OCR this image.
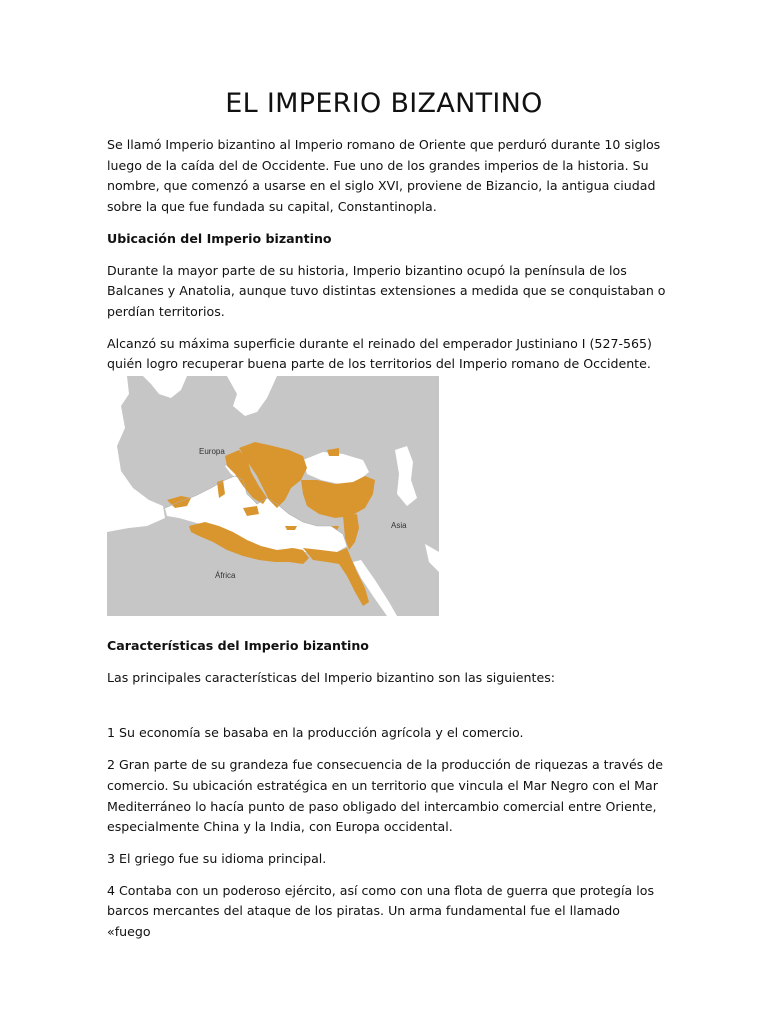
EL IMPERIO BIZANTINO

Se llamó Imperio bizantino al Imperio romano de Oriente que perduró durante 10 siglos luego de la caída del de Occidente. Fue uno de los grandes imperios de la historia. Su nombre, que comenzó a usarse en el siglo XVI, proviene de Bizancio, la antigua ciudad sobre la que fue fundada su capital, Constantinopla.

Ubicación del Imperio bizantino

Durante la mayor parte de su historia, Imperio bizantino ocupó la península de los Balcanes y Anatolia, aunque tuvo distintas extensiones a medida que se conquistaban o perdían territorios.

Alcanzó su máxima superficie durante el reinado del emperador Justiniano I (527-565) quién logro recuperar buena parte de los territorios del Imperio romano de Occidente.

Europa
Asia
África

Características del Imperio bizantino

Las principales características del Imperio bizantino son las siguientes:

1 Su economía se basaba en la producción agrícola y el comercio.

2 Gran parte de su grandeza fue consecuencia de la producción de riquezas a través de comercio. Su ubicación estratégica en un territorio que vincula el Mar Negro con el Mar Mediterráneo lo hacía punto de paso obligado del intercambio comercial entre Oriente, especialmente China y la India, con Europa occidental.

3 El griego fue su idioma principal.

4 Contaba con un poderoso ejército, así como con una flota de guerra que protegía los barcos mercantes del ataque de los piratas. Un arma fundamental fue el llamado «fuego
